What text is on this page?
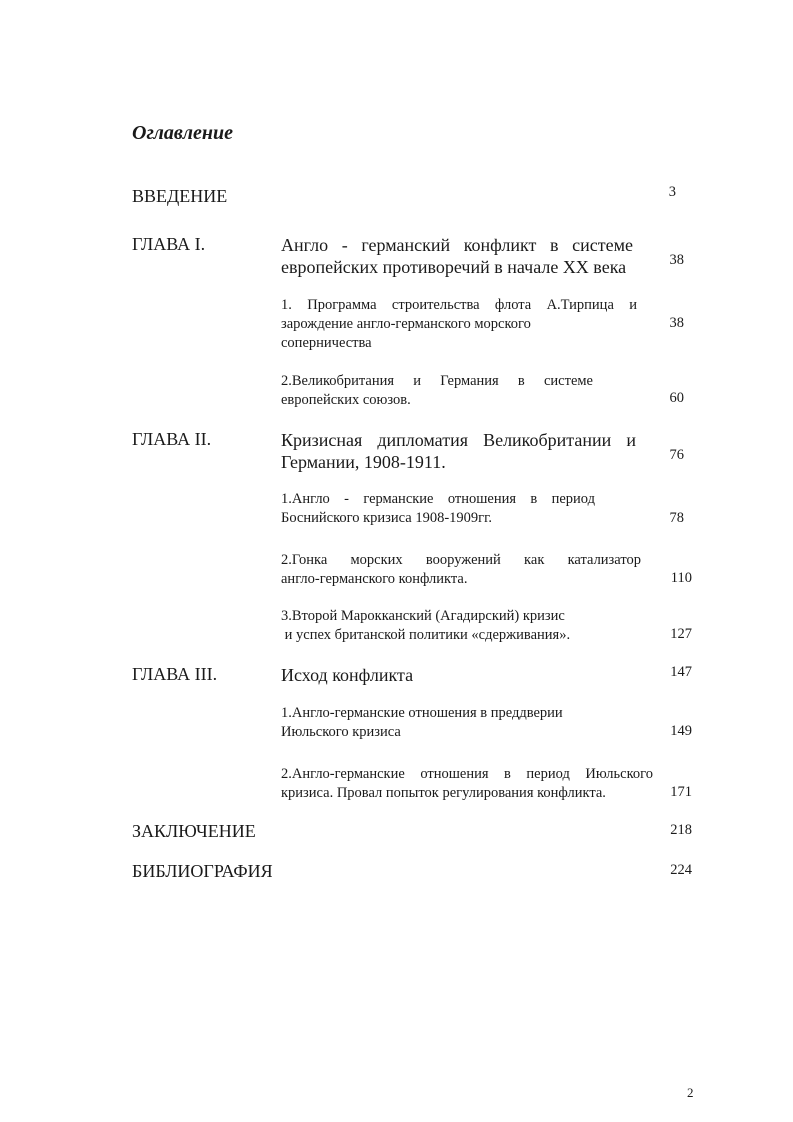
Оглавление
ВВЕДЕНИЕ	3
ГЛАВА I.	Англо - германский конфликт в системе
европейских противоречий в начале XX века	38
1. Программа строительства флота А.Тирпица и
зарождение англо-германского морского
соперничества
38
2.Великобритания и Германия в системе
европейских союзов.	60
ГЛАВА II.	Кризисная дипломатия Великобритании и
Германии, 1908-1911.	76
1.Англо - германские отношения в период
Боснийского кризиса 1908-1909гг.	78
2.Гонка морских вооружений как катализатор
англо-германского конфликта.	110
3.Второй Марокканский (Агадирский) кризис
и успех британской политики «сдерживания».	127
ГЛАВА III.	Исход конфликта	147
1.Англо-германские отношения в преддверии
Июльского кризиса	149
2.Англо-германские отношения в период Июльского
кризиса. Провал попыток регулирования конфликта.	171
ЗАКЛЮЧЕНИЕ	218
БИБЛИОГРАФИЯ	224
2
